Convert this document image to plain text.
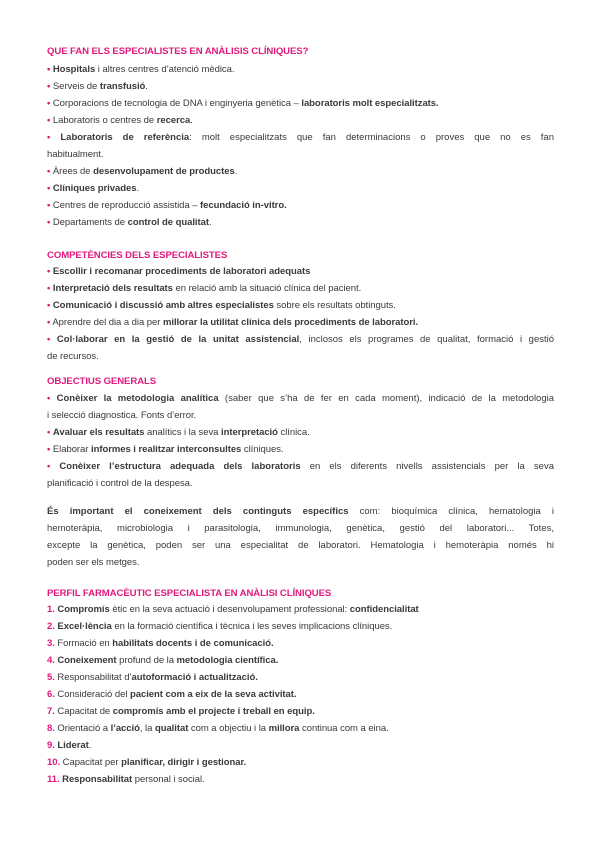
QUE FAN ELS ESPECIALISTES EN ANÀLISIS CLÍNIQUES?
• Hospitals i altres centres d’atenció mèdica.
• Serveis de transfusió.
• Corporacions de tecnologia de DNA i enginyeria genètica – laboratoris molt especialitzats.
• Laboratoris o centres de recerca.
• Laboratoris de referència: molt especialitzats que fan determinacions o proves que no es fan
habitualment.
• Àrees de desenvolupament de productes.
• Clíniques privades.
• Centres de reproducció assistida – fecundació in-vitro.
• Departaments de control de qualitat.
COMPETÈNCIES DELS ESPECIALISTES
• Escollir i recomanar procediments de laboratori adequats
• Interpretació dels resultats en relació amb la situació clínica del pacient.
• Comunicació i discussió amb altres especialistes sobre els resultats obtinguts.
• Aprendre del dia a dia per millorar la utilitat clínica dels procediments de laboratori.
• Col·laborar en la gestió de la unitat assistencial, inclosos els programes de qualitat, formació i gestió
de recursos.
OBJECTIUS GENERALS
• Conèixer la metodologia analítica (saber que s’ha de fer en cada moment), indicació de la metodologia
i selecció diagnostica. Fonts d’error.
• Avaluar els resultats analítics i la seva interpretació clínica.
• Elaborar informes i realitzar interconsultes clíniques.
• Conèixer l’estructura adequada dels laboratoris en els diferents nivells assistencials per la seva
planificació i control de la despesa.
És important el coneixement dels continguts específics com: bioquímica clínica, hematologia i
hemoteràpia, microbiologia i parasitologia, immunologia, genètica, gestió del laboratori... Totes,
excepte la genètica, poden ser una especialitat de laboratori. Hematologia i hemoteràpia només hi
poden ser els metges.
PERFIL FARMACÈUTIC ESPECIALISTA EN ANÀLISI CLÍNIQUES
1. Compromís ètic en la seva actuació i desenvolupament professional: confidencialitat
2. Excel·lència en la formació científica i tècnica i les seves implicacions clíniques.
3. Formació en habilitats docents i de comunicació.
4. Coneixement profund de la metodologia científica.
5. Responsabilitat d’autoformació i actualització.
6. Consideració del pacient com a eix de la seva activitat.
7. Capacitat de compromís amb el projecte i treball en equip.
8. Orientació a l’acció, la qualitat com a objectiu i la millora continua com a eina.
9. Liderat.
10. Capacitat per planificar, dirigir i gestionar.
11. Responsabilitat personal i social.
